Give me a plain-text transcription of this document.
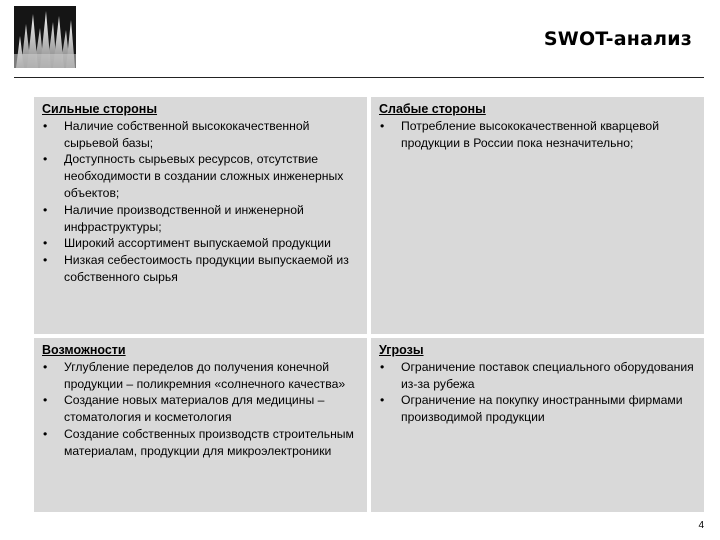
SWOT-анализ
Сильные стороны
• Наличие собственной высококачественной сырьевой базы;
• Доступность сырьевых ресурсов, отсутствие необходимости в создании сложных инженерных объектов;
• Наличие производственной и инженерной инфраструктуры;
• Широкий ассортимент выпускаемой продукции
• Низкая себестоимость продукции выпускаемой из собственного сырья
Слабые стороны
• Потребление высококачественной кварцевой продукции в России пока незначительно;
Возможности
• Углубление переделов до получения конечной продукции – поликремния «солнечного качества»
• Создание новых материалов для медицины – стоматология и косметология
• Создание собственных производств строительным материалам, продукции для микроэлектроники
Угрозы
• Ограничение поставок специального оборудования из-за рубежа
• Ограничение на покупку иностранными фирмами производимой продукции
4
